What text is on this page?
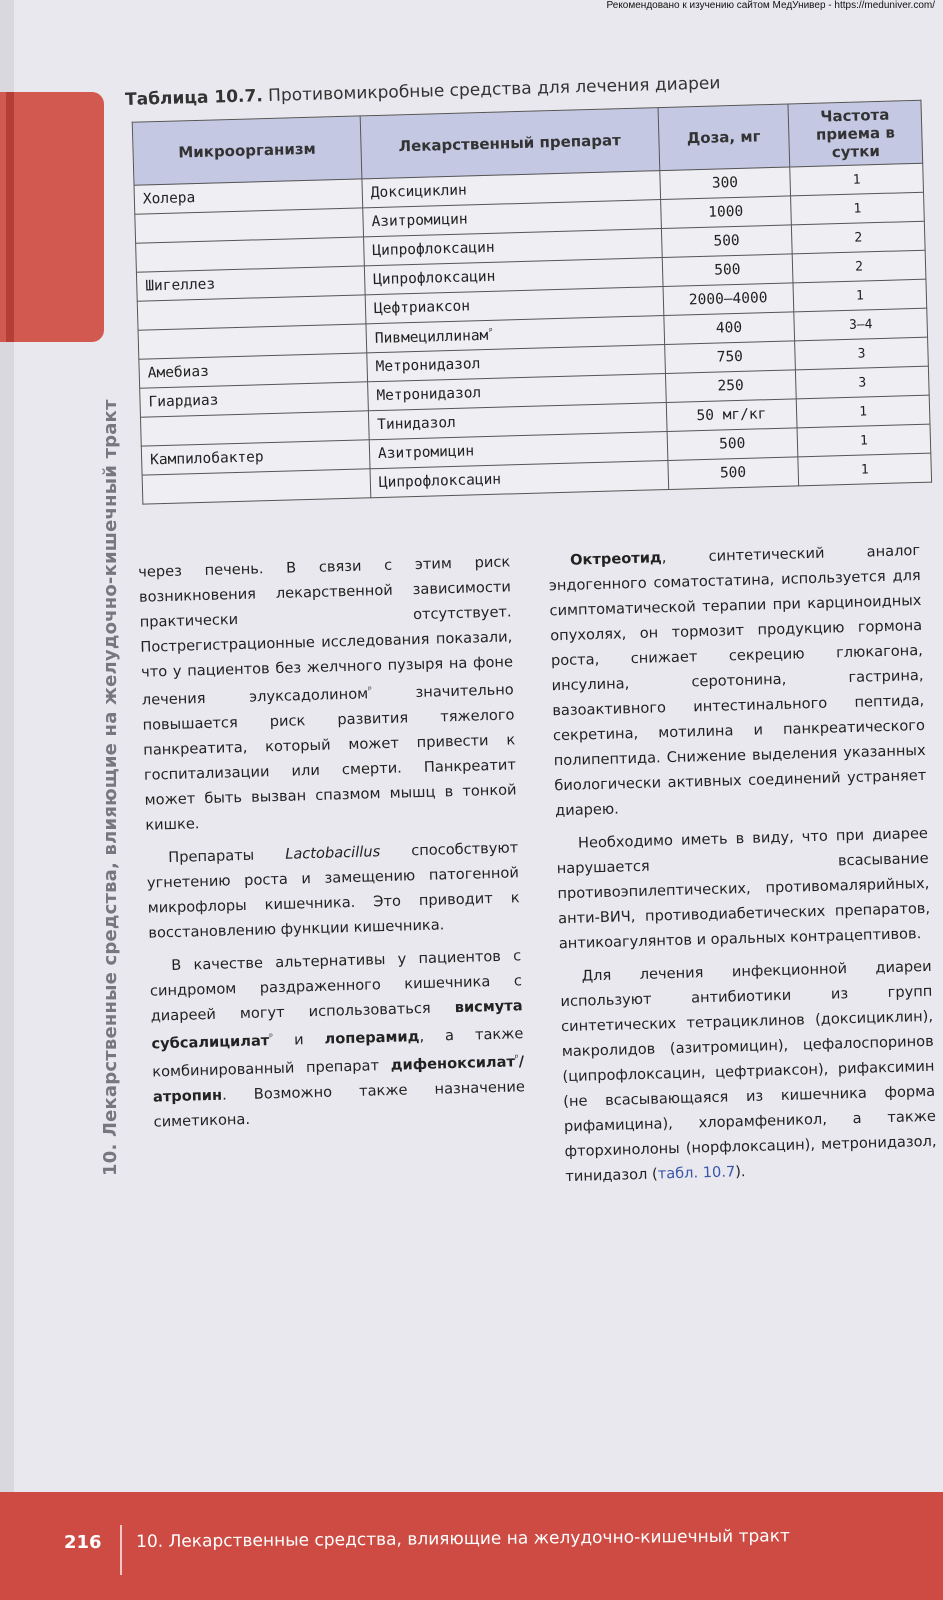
Рекомендовано к изучению сайтом МедУнивер - https://meduniver.com/
10. Лекарственные средства, влияющие на желудочно-кишечный тракт
Таблица 10.7. Противомикробные средства для лечения диареи
Микроорганизм	Лекарственный препарат	Доза, мг	Частота приема в сутки
Холера	Доксициклин	300	1
	Азитромицин	1000	1
	Ципрофлоксацин	500	2
Шигеллез	Ципрофлоксацин	500	2
	Цефтриаксон	2000–4000	1
	Пивмециллинам$^ᵖ$	400	3–4
Амебиаз	Метронидазол	750	3
Гиардиаз	Метронидазол	250	3
	Тинидазол	50 мг/кг	1
Кампилобактер	Азитромицин	500	1
	Ципрофлоксацин	500	1

через печень. В связи с этим риск возникновения лекарственной зависимости практически отсутствует. Пострегистрационные исследования показали, что у пациентов без желчного пузыря на фоне лечения элуксадолином$^ᵖ$ значительно повышается риск развития тяжелого панкреатита, который может привести к госпитализации или смерти. Панкреатит может быть вызван спазмом мышц в тонкой кишке.

Препараты Lactobacillus способствуют угнетению роста и замещению патогенной микрофлоры кишечника. Это приводит к восстановлению функции кишечника.

В качестве альтернативы у пациентов с синдромом раздраженного кишечника с диареей могут использоваться висмута субсалицилат$^ᵖ$ и лоперамид, а также комбинированный препарат дифеноксилат$^ᵖ$/атропин. Возможно также назначение симетикона.

Октреотид, синтетический аналог эндогенного соматостатина, используется для симптоматической терапии при карциноидных опухолях, он тормозит продукцию гормона роста, снижает секрецию глюкагона, инсулина, серотонина, гастрина, вазоактивного интестинального пептида, секретина, мотилина и панкреатического полипептида. Снижение выделения указанных биологически активных соединений устраняет диарею.

Необходимо иметь в виду, что при диарее нарушается всасывание противоэпилептических, противомалярийных, анти-ВИЧ, противодиабетических препаратов, антикоагулянтов и оральных контрацептивов.

Для лечения инфекционной диареи используют антибиотики из групп синтетических тетрациклинов (доксициклин), макролидов (азитромицин), цефалоспоринов (ципрофлоксацин, цефтриаксон), рифаксимин (не всасывающаяся из кишечника форма рифамицина), хлорамфеникол, а также фторхинолоны (норфлоксацин), метронидазол, тинидазол (табл. 10.7).

216 10. Лекарственные средства, влияющие на желудочно-кишечный тракт
